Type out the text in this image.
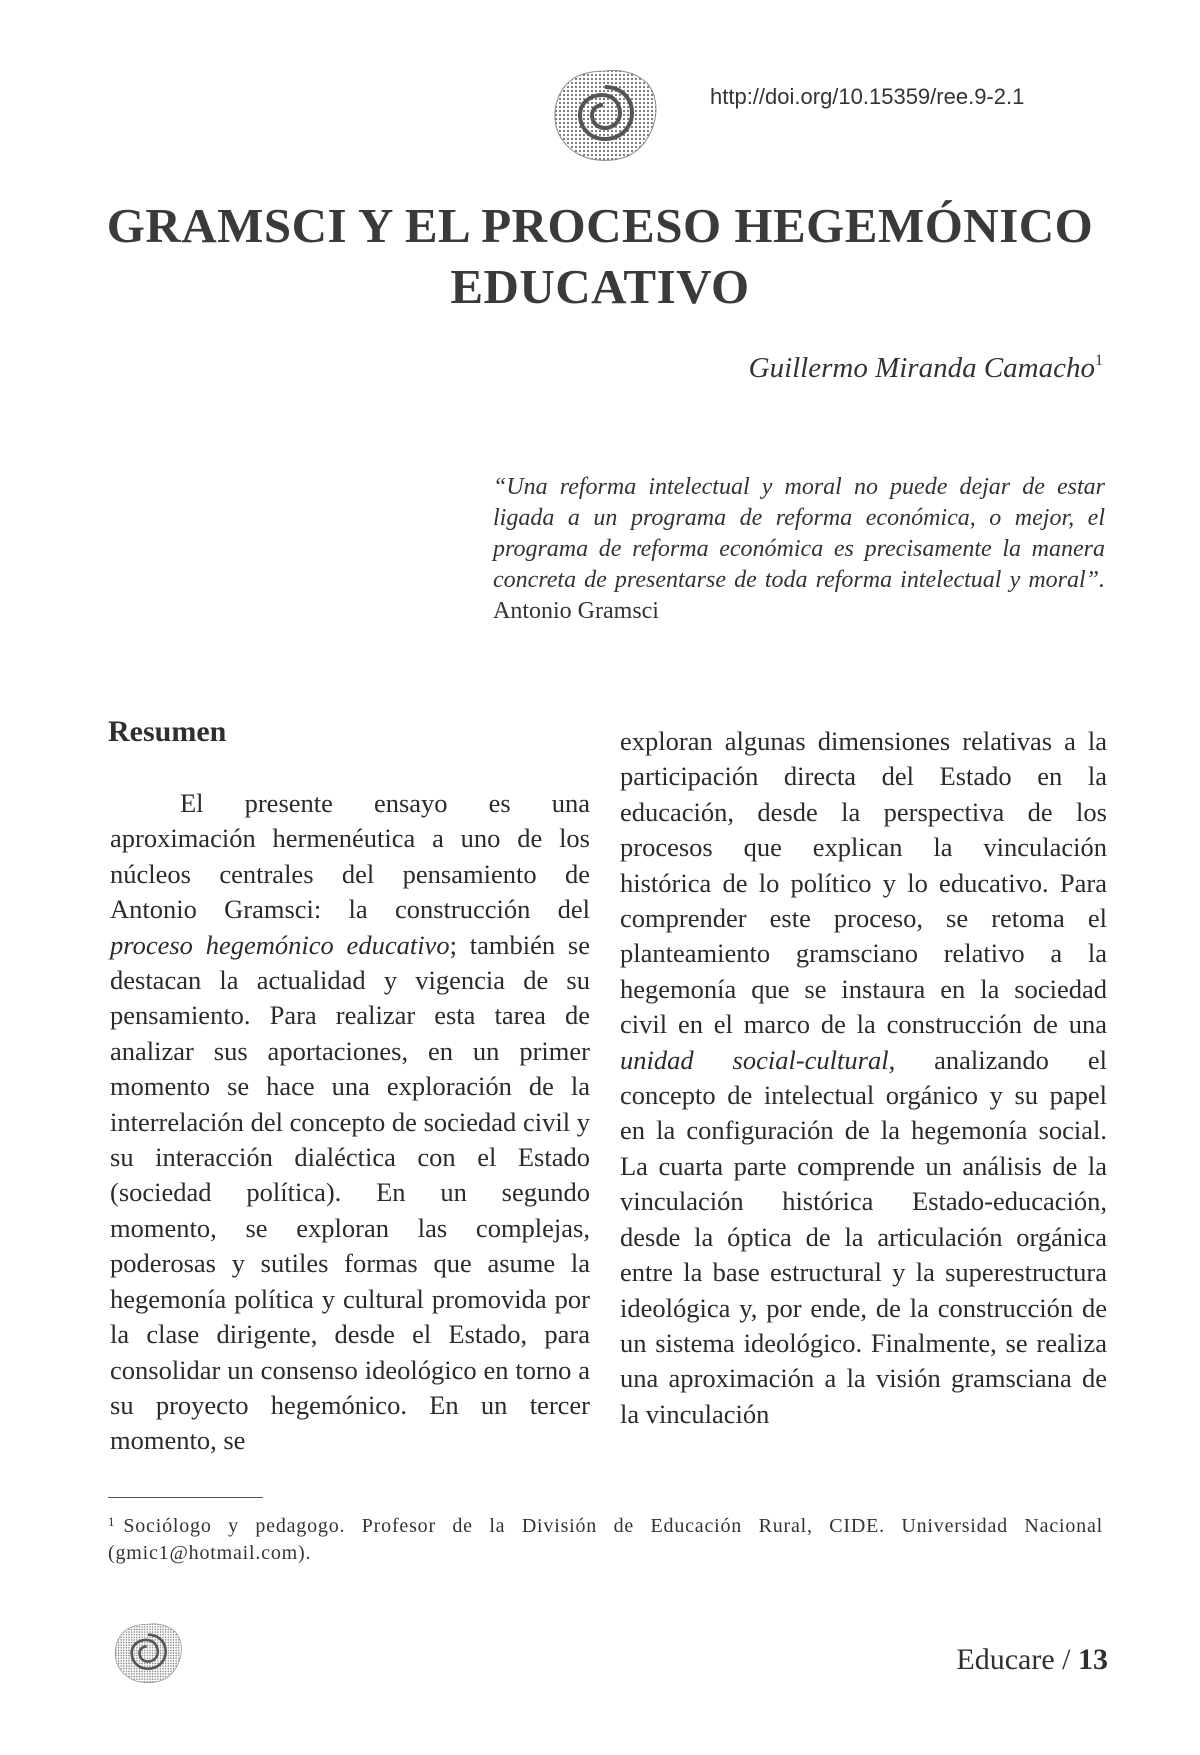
http://doi.org/10.15359/ree.9-2.1
GRAMSCI Y EL PROCESO HEGEMÓNICO
EDUCATIVO
Guillermo Miranda Camacho$^1$
“Una reforma intelectual y moral no puede dejar de estar ligada a un programa de reforma económica, o mejor, el programa de reforma económica es precisamente la manera concreta de presentarse de toda reforma intelectual y moral”. Antonio Gramsci
Resumen
El presente ensayo es una aproximación hermenéutica a uno de los núcleos centrales del pensamiento de Antonio Gramsci: la construcción del proceso hegemónico educativo; también se destacan la actualidad y vigencia de su pensamiento. Para realizar esta tarea de analizar sus aportaciones, en un primer momento se hace una exploración de la interrelación del concepto de sociedad civil y su interacción dialéctica con el Estado (sociedad política). En un segundo momento, se exploran las complejas, poderosas y sutiles formas que asume la hegemonía política y cultural promovida por la clase dirigente, desde el Estado, para consolidar un consenso ideológico en torno a su proyecto hegemónico. En un tercer momento, se
exploran algunas dimensiones relativas a la participación directa del Estado en la educación, desde la perspectiva de los procesos que explican la vinculación histórica de lo político y lo educativo. Para comprender este proceso, se retoma el planteamiento gramsciano relativo a la hegemonía que se instaura en la sociedad civil en el marco de la construcción de una unidad social-cultural, analizando el concepto de intelectual orgánico y su papel en la configuración de la hegemonía social. La cuarta parte comprende un análisis de la vinculación histórica Estado-educación, desde la óptica de la articulación orgánica entre la base estructural y la superestructura ideológica y, por ende, de la construcción de un sistema ideológico. Finalmente, se realiza una aproximación a la visión gramsciana de la vinculación
$^1$ Sociólogo y pedagogo. Profesor de la División de Educación Rural, CIDE. Universidad Nacional (gmic1@hotmail.com).
Educare / 13
